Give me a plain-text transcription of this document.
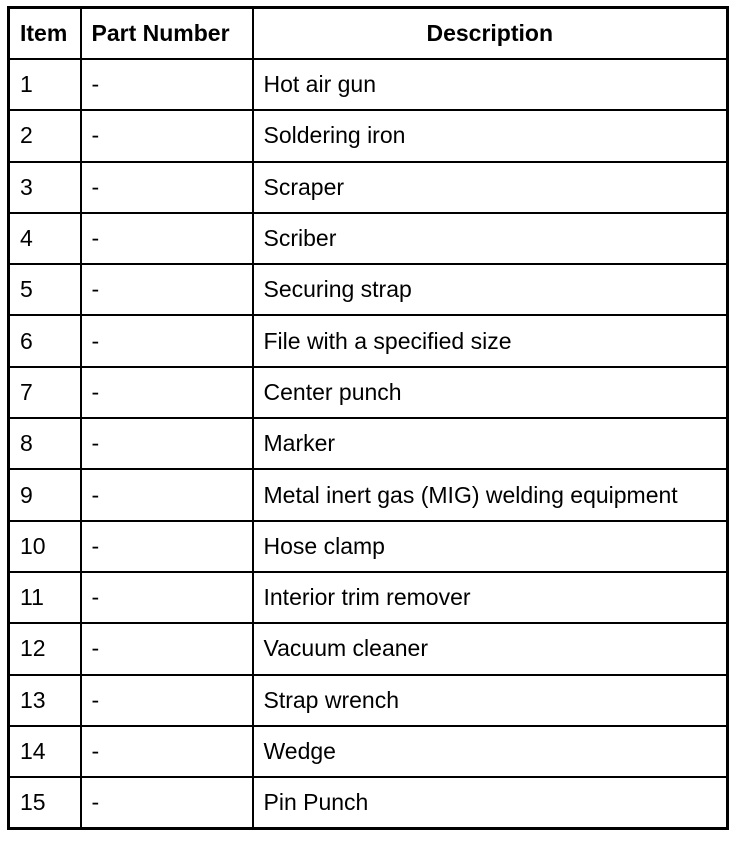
Item	Part Number	Description
1	-	Hot air gun
2	-	Soldering iron
3	-	Scraper
4	-	Scriber
5	-	Securing strap
6	-	File with a specified size
7	-	Center punch
8	-	Marker
9	-	Metal inert gas (MIG) welding equipment
10	-	Hose clamp
11	-	Interior trim remover
12	-	Vacuum cleaner
13	-	Strap wrench
14	-	Wedge
15	-	Pin Punch
